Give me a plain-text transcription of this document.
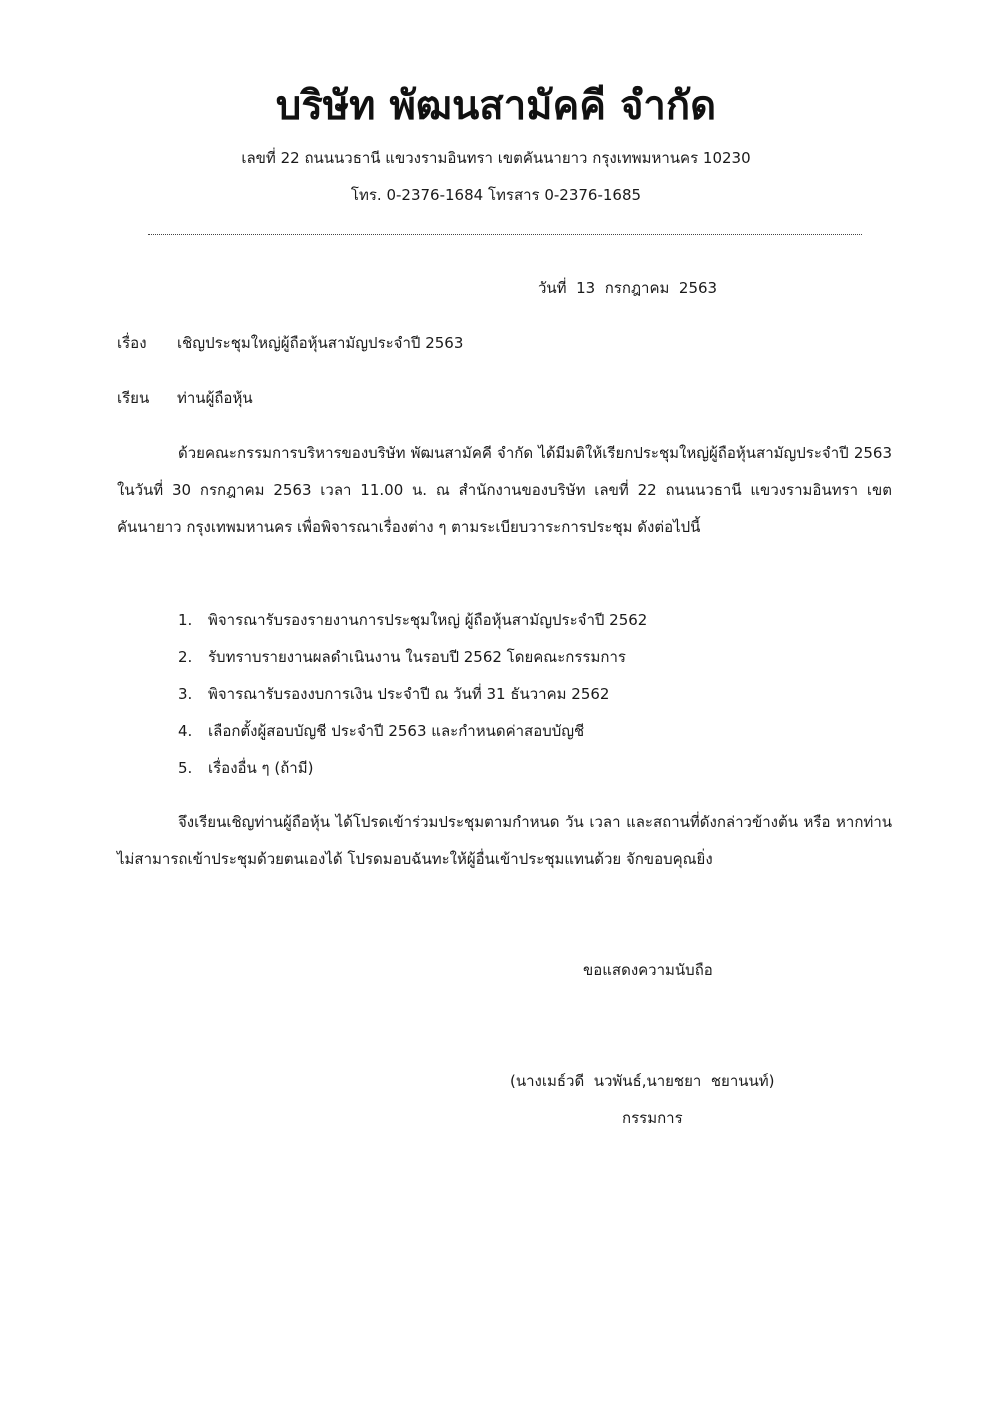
บริษัท พัฒนสามัคคี จำกัด
เลขที่ 22 ถนนนวธานี แขวงรามอินทรา เขตคันนายาว กรุงเทพมหานคร 10230
โทร. 0-2376-1684 โทรสาร 0-2376-1685
วันที่  13  กรกฎาคม  2563
เรื่อง เชิญประชุมใหญ่ผู้ถือหุ้นสามัญประจำปี 2563
เรียน ท่านผู้ถือหุ้น
ด้วยคณะกรรมการบริหารของบริษัท พัฒนสามัคคี จำกัด ได้มีมติให้เรียกประชุมใหญ่ผู้ถือหุ้นสามัญประจำปี 2563 ในวันที่ 30 กรกฎาคม 2563 เวลา 11.00 น. ณ สำนักงานของบริษัท เลขที่ 22 ถนนนวธานี แขวงรามอินทรา เขตคันนายาว กรุงเทพมหานคร เพื่อพิจารณาเรื่องต่าง ๆ ตามระเบียบวาระการประชุม ดังต่อไปนี้
1. พิจารณารับรองรายงานการประชุมใหญ่ ผู้ถือหุ้นสามัญประจำปี 2562
2. รับทราบรายงานผลดำเนินงาน ในรอบปี 2562 โดยคณะกรรมการ
3. พิจารณารับรองงบการเงิน ประจำปี ณ วันที่ 31 ธันวาคม 2562
4. เลือกตั้งผู้สอบบัญชี ประจำปี 2563 และกำหนดค่าสอบบัญชี
5. เรื่องอื่น ๆ (ถ้ามี)
จึงเรียนเชิญท่านผู้ถือหุ้น ได้โปรดเข้าร่วมประชุมตามกำหนด วัน เวลา และสถานที่ดังกล่าวข้างต้น หรือ หากท่านไม่สามารถเข้าประชุมด้วยตนเองได้ โปรดมอบฉันทะให้ผู้อื่นเข้าประชุมแทนด้วย จักขอบคุณยิ่ง
ขอแสดงความนับถือ
(นางเมธ์วดี  นวพันธ์,นายชยา  ชยานนท์)
กรรมการ
